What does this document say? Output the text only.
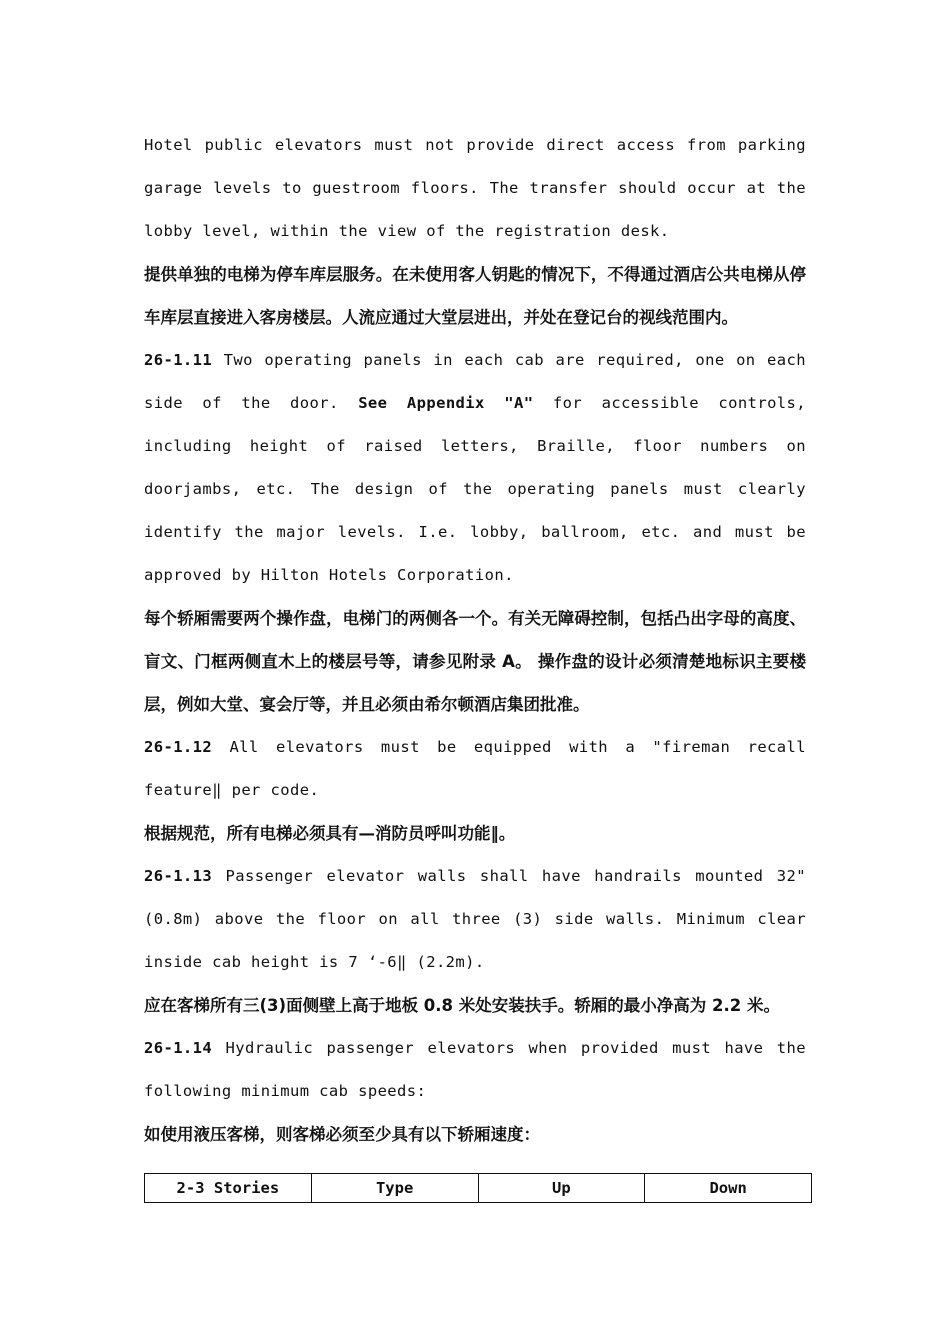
Hotel public elevators must not provide direct access from parking garage levels to guestroom floors. The transfer should occur at the lobby level, within the view of the registration desk.

提供单独的电梯为停车库层服务。在未使用客人钥匙的情况下，不得通过酒店公共电梯从停车库层直接进入客房楼层。人流应通过大堂层进出，并处在登记台的视线范围内。

26-1.11 Two operating panels in each cab are required, one on each side of the door. See Appendix "A" for accessible controls, including height of raised letters, Braille, floor numbers on doorjambs, etc. The design of the operating panels must clearly identify the major levels. I.e. lobby, ballroom, etc. and must be approved by Hilton Hotels Corporation.

每个轿厢需要两个操作盘，电梯门的两侧各一个。有关无障碍控制，包括凸出字母的高度、盲文、门框两侧直木上的楼层号等，请参见附录 A。 操作盘的设计必须清楚地标识主要楼层，例如大堂、宴会厅等，并且必须由希尔顿酒店集团批准。

26-1.12 All elevators must be equipped with a "fireman recall feature‖ per code.

根据规范，所有电梯必须具有—消防员呼叫功能‖。

26-1.13 Passenger elevator walls shall have handrails mounted 32" (0.8m) above the floor on all three (3) side walls. Minimum clear inside cab height is 7 ‘-6‖ (2.2m).

应在客梯所有三(3)面侧壁上高于地板 0.8 米处安装扶手。轿厢的最小净高为 2.2 米。

26-1.14 Hydraulic passenger elevators when provided must have the following minimum cab speeds:

如使用液压客梯，则客梯必须至少具有以下轿厢速度：

2-3 Stories	Type	Up	Down
